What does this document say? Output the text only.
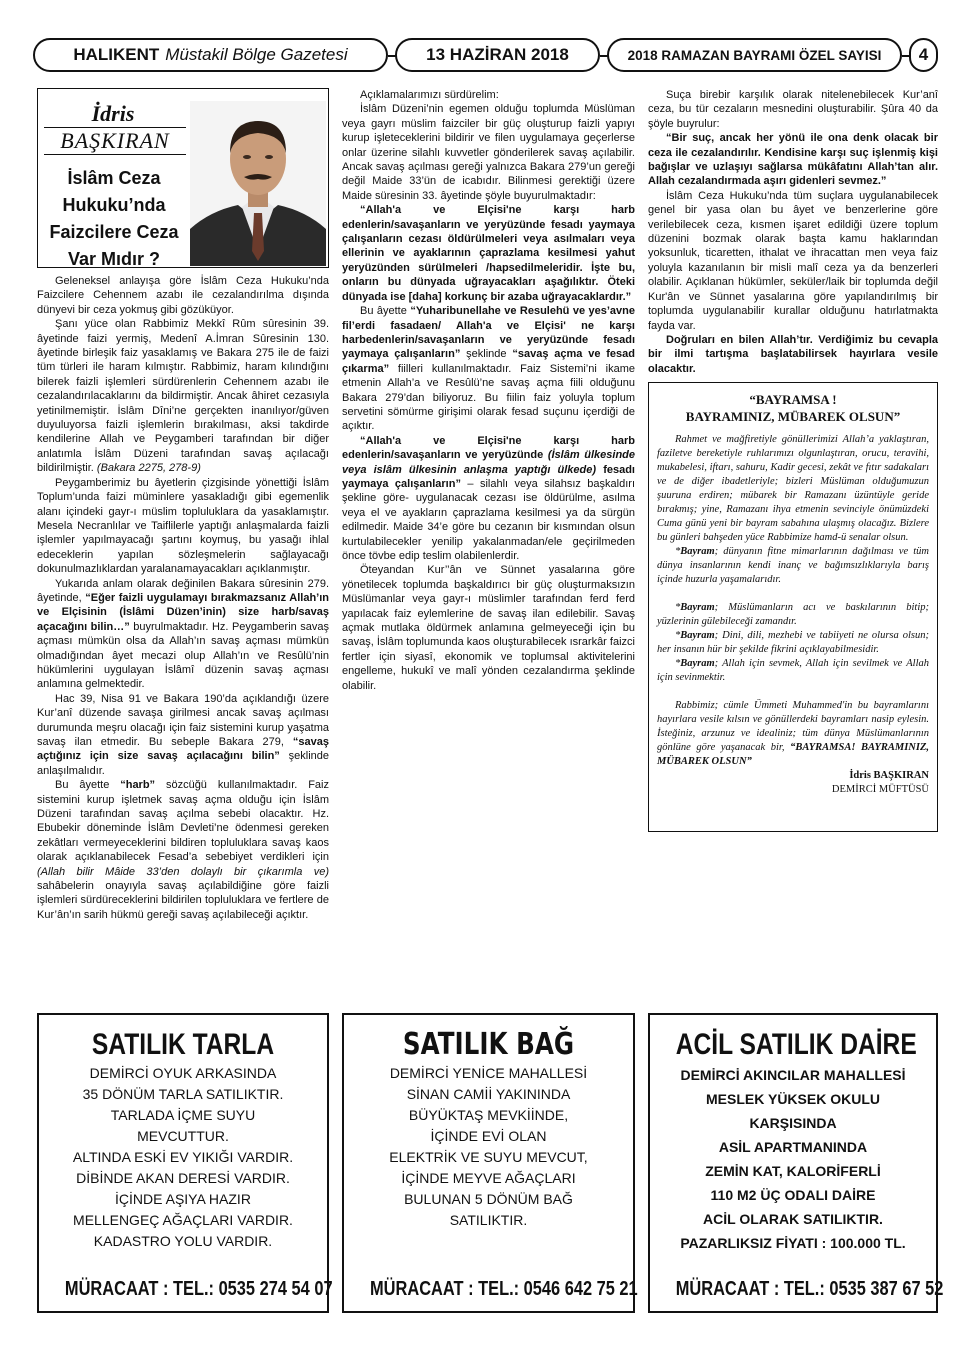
HALIKENT Müstakil Bölge Gazetesi	13 HAZİRAN 2018	2018 RAMAZAN BAYRAMI ÖZEL SAYISI	4
İdris
BAŞKIRAN
İslâm Ceza Hukuku’nda Faizcilere Ceza Var Mıdır ?

Geleneksel anlayışa göre İslâm Ceza Hukuku’nda Faizcilere Cehennem azabı ile cezalandırılma dışında dünyevi bir ceza yokmuş gibi gözüküyor.

Şanı yüce olan Rabbimiz Mekkî Rûm sûresinin 39. âyetinde faizi yermiş, Medenî A.İmran Sûresinin 130. âyetinde birleşik faiz yasaklamış ve Bakara 275 ile de faizi tüm türleri ile haram kılmıştır. Rabbimiz, haram kılındığını bilerek faizli işlemleri sürdürenlerin Cehennem azabı ile cezalandırılacaklarını da bildirmiştir. Ancak âhiret cezasıyla yetinilmemiştir. İslâm Dîni’ne gerçekten inanılıyor/güven duyuluyorsa faizli işlemlerin bırakılması, aksi takdirde kendilerine Allah ve Peygamberi tarafından bir diğer anlatımla İslâm Düzeni tarafından savaş açılacağı bildirilmiştir. (Bakara 2275, 278-9)

Peygamberimiz bu âyetlerin çizgisinde yönettiği İslâm Toplum’unda faizi müminlere yasakladığı gibi egemenlik alanı içindeki gayr-ı müslim topluluklara da yasaklamıştır. Mesela Necranlılar ve Taiflilerle yaptığı anlaşmalarda faizli işlemler yapılmayacağı şartını koymuş, bu yasağı ihlal edeceklerin yapılan sözleşmelerin sağlayacağı dokunulmazlıklardan yaralanamayacakları açıklanmıştır.

Yukarıda anlam olarak değinilen Bakara sûresinin 279. âyetinde, “Eğer faizli uygulamayı bırakmazsanız Allah’ın ve Elçisinin (İslâmi Düzen’inin) size harb/savaş açacağını bilin…” buyrulmaktadır. Hz. Peygamberin savaş açması mümkün olsa da Allah’ın savaş açması mümkün olmadığından âyet mecazi olup Allah’ın ve Resûlü’nin hükümlerini uygulayan İslâmî düzenin savaş açması anlamına gelmektedir.

Hac 39, Nisa 91 ve Bakara 190’da açıklandığı üzere Kur’anî düzende savaşa girilmesi ancak savaş açılması durumunda meşru olacağı için faiz sistemini kurup yaşatma savaş ilan etmedir. Bu sebeple Bakara 279, “savaş açtığınız için size savaş açılacağını bilin” şeklinde anlaşılmalıdır.

Bu âyette “harb” sözcüğü kullanılmaktadır. Faiz sistemini kurup işletmek savaş açma olduğu için İslâm Düzeni tarafından savaş açılma sebebi olacaktır. Hz. Ebubekir döneminde İslâm Devleti’ne ödenmesi gereken zekâtları vermeyeceklerini bildiren topluluklara savaş kaos olarak açıklanabilecek Fesad’a sebebiyet verdikleri için (Allah bilir Mâide 33’den dolaylı bir çıkarımla ve) sahâbelerin onayıyla savaş açılabildiğine göre faizli işlemleri sürdüreceklerini bildirilen topluluklara ve fertlere de Kur’ân’ın sarih hükmü gereği savaş açılabileceği açıktır.

Açıklamalarımızı sürdürelim:

İslâm Düzeni’nin egemen olduğu toplumda Müslüman veya gayrı müslim faizciler bir güç oluşturup faizli yapıyı kurup işleteceklerini bildirir ve filen uygulamaya geçerlerse onlar üzerine silahlı kuvvetler gönderilerek savaş açılabilir. Ancak savaş açılması gereği yalnızca Bakara 279’un gereği değil Maide 33’ün de icabıdır. Bilinmesi gerektiği üzere Maide süresinin 33. âyetinde şöyle buyurulmaktadır:

“Allah'a ve Elçisi'ne karşı harb edenlerin/savaşanların ve yeryüzünde fesadı yaymaya çalışanların cezası öldürülmeleri veya asılmaları veya ellerinin ve ayaklarının çaprazlama kesilmesi yahut yeryüzünden sürülmeleri /hapsedilmeleridir. İşte bu, onların bu dünyada uğrayacakları aşağılıktır. Öteki dünyada ise [daha] korkunç bir azaba uğrayacaklardır.”

Bu âyette “Yuharibunellahe ve Resulehü ve yes’avne fil’erdi fasadaen/ Allah'a ve Elçisi' ne karşı harbedenlerin/savaşanların ve yeryüzünde fesadı yaymaya çalışanların” şeklinde “savaş açma ve fesad çıkarma” fiilleri kullanılmaktadır. Faiz Sistemi’ni ikame etmenin Allah’a ve Resûlü’ne savaş açma fiili olduğunu Bakara 279’dan biliyoruz. Bu fiilin faiz yoluyla toplum servetini sömürme girişimi olarak fesad suçunu içerdiği de açıktır.

“Allah'a ve Elçisi'ne karşı harb edenlerin/savaşanların ve yeryüzünde (İslâm ülkesinde veya islâm ülkesinin anlaşma yaptığı ülkede) fesadı yaymaya çalışanların” – silahlı veya silahsız başkaldırı şekline göre- uygulanacak cezası ise öldürülme, asılma veya el ve ayakların çaprazlama kesilmesi ya da sürgün edilmedir. Maide 34’e göre bu cezanın bir kısmından olsun kurtulabilecekler yenilip yakalanmadan/ele geçirilmeden önce tövbe edip teslim olabilenlerdir.

Öteyandan Kur’’ân ve Sünnet yasalarına göre yönetilecek toplumda başkaldırıcı bir güç oluşturmaksızın Müslümanlar veya gayr-ı müslimler tarafından ferd ferd yapılacak faiz eylemlerine de savaş ilan edilebilir. Savaş açmak mutlaka öldürmek anlamına gelmeyeceği için bu savaş, İslâm toplumunda kaos oluşturabilecek ısrarkâr faizci fertler için siyasî, ekonomik ve toplumsal aktivitelerini engelleme, hukukî ve malî yönden cezalandırma şeklinde olabilir.

Suça birebir karşılık olarak nitelenebilecek Kur’anî ceza, bu tür cezaların mesnedini oluşturabilir. Şûra 40 da şöyle buyrulur:

“Bir suç, ancak her yönü ile ona denk olacak bir ceza ile cezalandırılır. Kendisine karşı suç işlenmiş kişi bağışlar ve uzlaşıyı sağlarsa mükâfatını Allah’tan alır. Allah cezalandırmada aşırı gidenleri sevmez.”

İslâm Ceza Hukuku’nda tüm suçlara uygulanabilecek genel bir yasa olan bu âyet ve benzerlerine göre verilebilecek ceza, kısmen işaret edildiği üzere toplum düzenini bozmak olarak başta kamu haklarından yoksunluk, ticaretten, ithalat ve ihracattan men veya faiz yoluyla kazanılanın bir misli malî ceza ya da benzerleri olabilir. Açıklanan hükümler, seküler/laik bir toplumda değil Kur'ân ve Sünnet yasalarına göre yapılandırılmış bir toplumda uygulanabilir kurallar olduğunu hatırlatmakta fayda var.

Doğruları en bilen Allah’tır. Verdiğimiz bu cevapla bir ilmi tartışma başlatabilirsek hayırlara vesile olacaktır.

“BAYRAMSA !
BAYRAMINIZ, MÜBAREK OLSUN”

Rahmet ve mağfiretiyle gönüllerimizi Allah’a yaklaştıran, faziletve bereketiyle ruhlarımızı olgunlaştıran, orucu, teravihi, mukabelesi, iftarı, sahuru, Kadir gecesi, zekât ve fıtır sadakaları ve de diğer ibadetleriyle; bizleri Müslüman olduğumuzun şuuruna erdiren; mübarek bir Ramazanı üzüntüyle geride bırakmış; yine, Ramazanı ihya etmenin sevinciyle önümüzdeki Cuma günü yeni bir bayram sabahına ulaşmış olacağız. Bizlere bu günleri bahşeden yüce Rabbimize hamd-ü senalar olsun.

*Bayram; dünyanın fitne mimarlarının dağılması ve tüm dünya insanlarının kendi inanç ve bağımsızlıklarıyla barış içinde huzurla yaşamalarıdır.

*Bayram; Müslümanların acı ve baskılarının bitip; yüzlerinin gülebileceği zamandır.

*Bayram; Dini, dili, mezhebi ve tabiiyeti ne olursa olsun; her insanın hür bir şekilde fikrini açıklayabilmesidir.

*Bayram; Allah için sevmek, Allah için sevilmek ve Allah için sevinmektir.

Rabbimiz; cümle Ümmeti Muhammed'in bu bayramlarını hayırlara vesile kılsın ve gönüllerdeki bayramları nasip eylesin. İsteğiniz, arzunuz ve idealiniz; tüm dünya Müslümanlarının gönlüne göre yaşanacak bir, “BAYRAMSA! BAYRAMINIZ, MÜBAREK OLSUN”

İdris BAŞKIRAN

DEMİRCİ MÜFTÜSÜ

SATILIK TARLA
DEMİRCİ OYUK ARKASINDA
35 DÖNÜM TARLA SATILIKTIR.
TARLADA İÇME SUYU
MEVCUTTUR.
ALTINDA ESKİ EV YIKIĞI VARDIR.
DİBİNDE AKAN DERESİ VARDIR.
İÇİNDE AŞIYA HAZIR
MELLENGEÇ AĞAÇLARI VARDIR.
KADASTRO YOLU VARDIR.
MÜRACAAT : TEL.: 0535 274 54 07
SATILIK BAĞ
DEMİRCİ YENİCE MAHALLESİ
SİNAN CAMİİ YAKININDA
BÜYÜKTAŞ MEVKİİNDE,
İÇİNDE EVİ OLAN
ELEKTRİK VE SUYU MEVCUT,
İÇİNDE MEYVE AĞAÇLARI
BULUNAN 5 DÖNÜM BAĞ
SATILIKTIR.
MÜRACAAT : TEL.: 0546 642 75 21
ACİL SATILIK DAİRE
DEMİRCİ AKINCILAR MAHALLESİ
MESLEK YÜKSEK OKULU
KARŞISINDA
ASİL APARTMANINDA
ZEMİN KAT, KALORİFERLİ
110 M2 ÜÇ ODALI DAİRE
ACİL OLARAK SATILIKTIR.
PAZARLIKSIZ FİYATI : 100.000 TL.
MÜRACAAT : TEL.: 0535 387 67 52
